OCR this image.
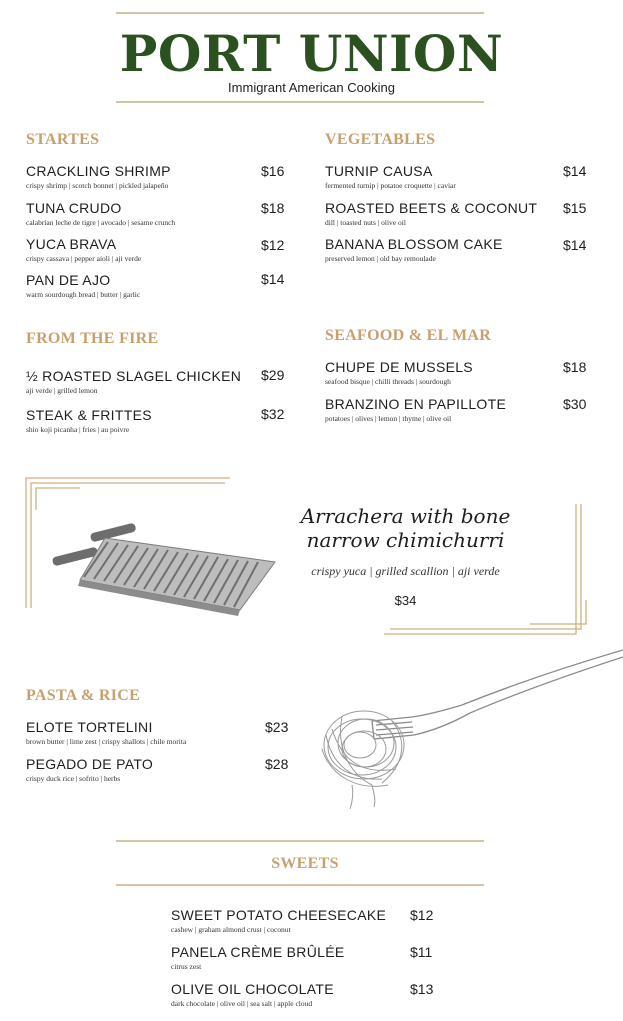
PORT UNION
Immigrant American Cooking
STARTES
CRACKLING SHRIMP
crispy shrimp | scotch bonnet | pickled jalapeño
$16
TUNA CRUDO
calabrian leche de tigre | avocado | sesame crunch
$18
YUCA BRAVA
crispy cassava | pepper aioli | aji verde
$12
PAN DE AJO
warm sourdough bread | butter | garlic
$14
VEGETABLES
TURNIP CAUSA
fermented turnip | potatoe croquette | caviar
$14
ROASTED BEETS & COCONUT
dill | toasted nuts | olive oil
$15
BANANA BLOSSOM CAKE
preserved lemon | old bay remoulade
$14
FROM THE FIRE
½ ROASTED SLAGEL CHICKEN
aji verde | grilled lemon
$29
STEAK & FRITTES
shio koji picanha | fries | au poivre
$32
SEAFOOD & EL MAR
CHUPE DE MUSSELS
seafood bisque | chilli threads | sourdough
$18
BRANZINO EN PAPILLOTE
potatoes | olives | lemon | thyme | olive oil
$30
Arrachera with bone
narrow chimichurri
crispy yuca | grilled scallion | aji verde
$34
PASTA & RICE
ELOTE TORTELINI
brown butter | lime zest | crispy shallots | chile morita
$23
PEGADO DE PATO
crispy duck rice | sofrito | herbs
$28
SWEETS
SWEET POTATO CHEESECAKE
cashew | graham almond crust | coconut
$12
PANELA CRÈME BRÛLÉE
citrus zest
$11
OLIVE OIL CHOCOLATE
dark chocolate | olive oil | sea salt | apple cloud
$13
